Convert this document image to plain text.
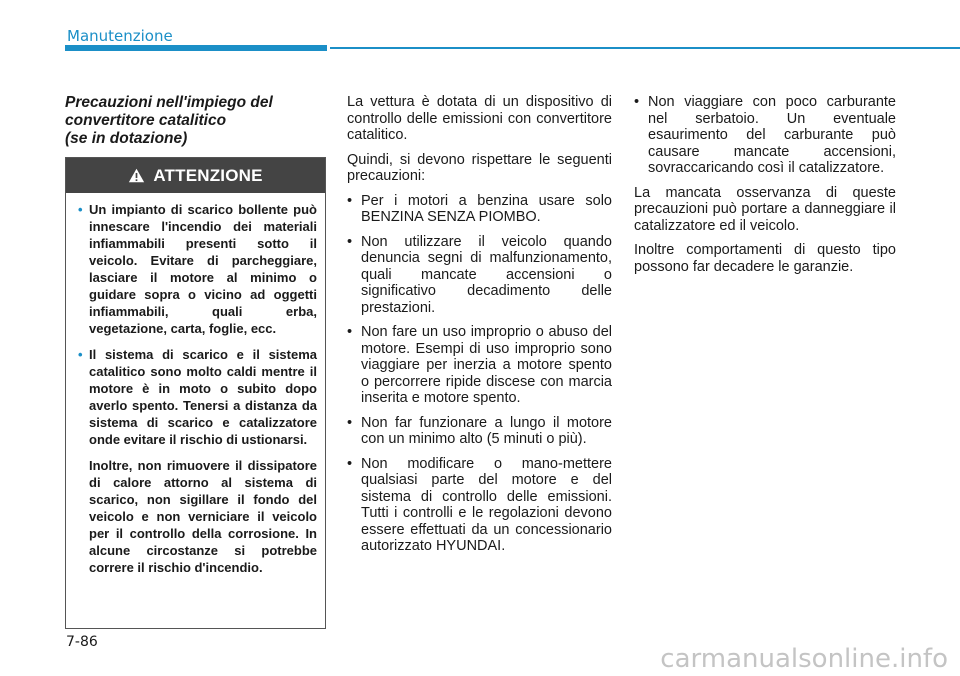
Manutenzione
Precauzioni nell'impiego del
convertitore catalitico
(se in dotazione)
ATTENZIONE
• Un impianto di scarico bollente può innescare l'incendio dei materiali infiammabili presenti sotto il veicolo. Evitare di parcheggiare, lasciare il motore al minimo o guidare sopra o vicino ad oggetti infiammabili, quali erba, vegetazione, carta, foglie, ecc.
• Il sistema di scarico e il sistema catalitico sono molto caldi mentre il motore è in moto o subito dopo averlo spento. Tenersi a distanza da sistema di scarico e catalizzatore onde evitare il rischio di ustionarsi.
Inoltre, non rimuovere il dissipatore di calore attorno al sistema di scarico, non sigillare il fondo del veicolo e non verniciare il veicolo per il controllo della corrosione. In alcune circostanze si potrebbe correre il rischio d'incendio.

La vettura è dotata di un dispositivo di controllo delle emissioni con convertitore catalitico.

Quindi, si devono rispettare le seguenti precauzioni:

• Per i motori a benzina usare solo BENZINA SENZA PIOMBO.
• Non utilizzare il veicolo quando denuncia segni di malfunzionamento, quali mancate accensioni o significativo decadimento delle prestazioni.
• Non fare un uso improprio o abuso del motore. Esempi di uso improprio sono viaggiare per inerzia a motore spento o percorrere ripide discese con marcia inserita e motore spento.
• Non far funzionare a lungo il motore con un minimo alto (5 minuti o più).
• Non modificare o mano-mettere qualsiasi parte del motore e del sistema di controllo delle emissioni. Tutti i controlli e le regolazioni devono essere effettuati da un concessionario autorizzato HYUNDAI.
• Non viaggiare con poco carburante nel serbatoio. Un eventuale esaurimento del carburante può causare mancate accensioni, sovraccaricando così il catalizzatore.

La mancata osservanza di queste precauzioni può portare a danneggiare il catalizzatore ed il veicolo.

Inoltre comportamenti di questo tipo possono far decadere le garanzie.

7-86
carmanualsonline.info
